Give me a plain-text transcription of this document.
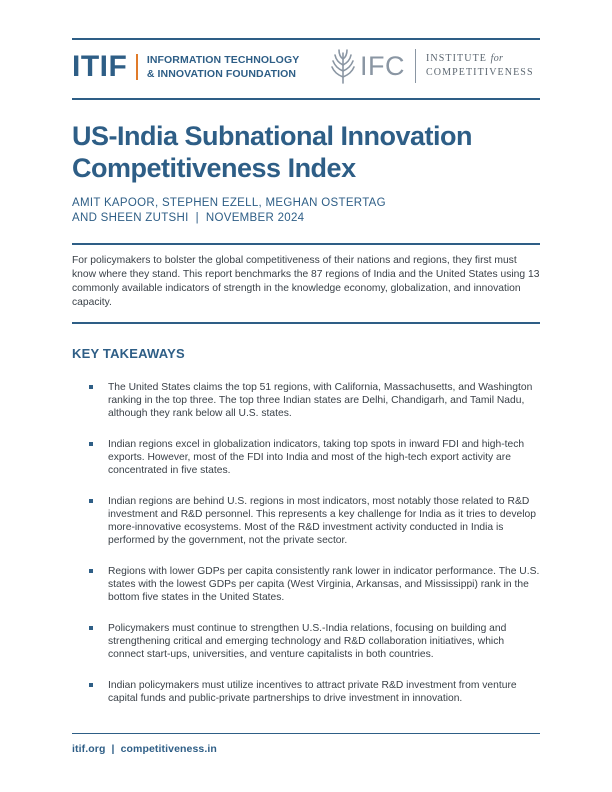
ITIF INFORMATION TECHNOLOGY
& INNOVATION FOUNDATION IFC INSTITUTE for
COMPETITIVENESS
US-India Subnational Innovation
Competitiveness Index
AMIT KAPOOR, STEPHEN EZELL, MEGHAN OSTERTAG
AND SHEEN ZUTSHI  |  NOVEMBER 2024

For policymakers to bolster the global competitiveness of their nations and regions, they first must know where they stand. This report benchmarks the 87 regions of India and the United States using 13 commonly available indicators of strength in the knowledge economy, globalization, and innovation capacity.

KEY TAKEAWAYS
The United States claims the top 51 regions, with California, Massachusetts, and Washington ranking in the top three. The top three Indian states are Delhi, Chandigarh, and Tamil Nadu, although they rank below all U.S. states.
Indian regions excel in globalization indicators, taking top spots in inward FDI and high-tech exports. However, most of the FDI into India and most of the high-tech export activity are concentrated in five states.
Indian regions are behind U.S. regions in most indicators, most notably those related to R&D investment and R&D personnel. This represents a key challenge for India as it tries to develop more-innovative ecosystems. Most of the R&D investment activity conducted in India is performed by the government, not the private sector.
Regions with lower GDPs per capita consistently rank lower in indicator performance. The U.S. states with the lowest GDPs per capita (West Virginia, Arkansas, and Mississippi) rank in the bottom five states in the United States.
Policymakers must continue to strengthen U.S.-India relations, focusing on building and strengthening critical and emerging technology and R&D collaboration initiatives, which connect start-ups, universities, and venture capitalists in both countries.
Indian policymakers must utilize incentives to attract private R&D investment from venture capital funds and public-private partnerships to drive investment in innovation.
itif.org  |  competitiveness.in
